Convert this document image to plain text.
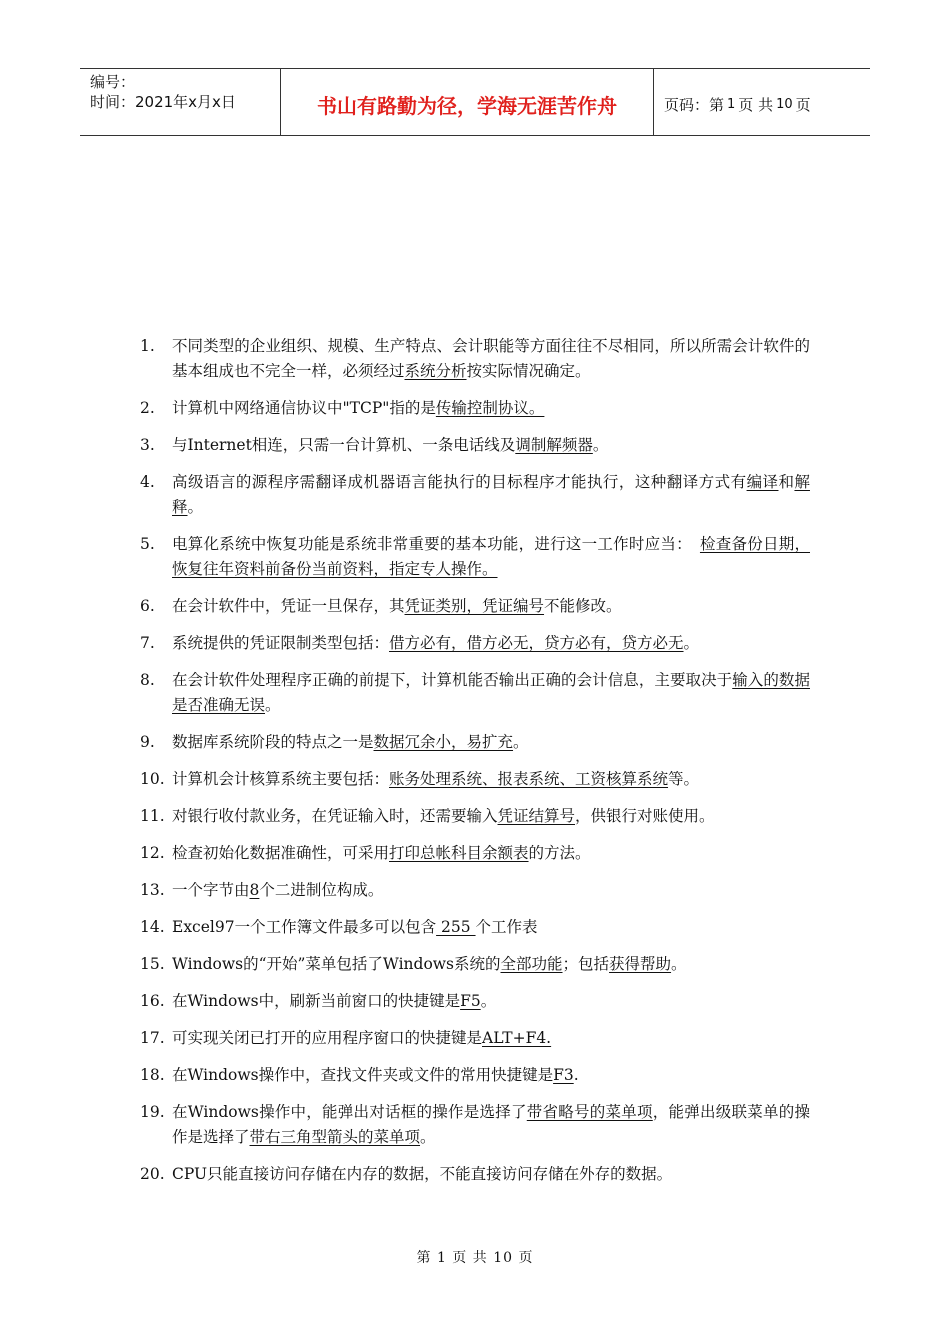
编号：
时间：2021年x月x日	书山有路勤为径，学海无涯苦作舟	页码：第 1 页 共 10 页
1.	不同类型的企业组织、规模、生产特点、会计职能等方面往往不尽相同，所以所需会计软件的基本组成也不完全一样，必须经过系统分析按实际情况确定。
2.	计算机中网络通信协议中"TCP"指的是传输控制协议。
3.	与Internet相连，只需一台计算机、一条电话线及调制解频器。
4.	高级语言的源程序需翻译成机器语言能执行的目标程序才能执行，这种翻译方式有编译和解释。
5.	电算化系统中恢复功能是系统非常重要的基本功能，进行这一工作时应当：　检查备份日期，恢复往年资料前备份当前资料，指定专人操作。
6.	在会计软件中，凭证一旦保存，其凭证类别，凭证编号不能修改。
7.	系统提供的凭证限制类型包括：借方必有，借方必无，贷方必有，贷方必无。
8.	在会计软件处理程序正确的前提下，计算机能否输出正确的会计信息，主要取决于输入的数据是否准确无误。
9.	数据库系统阶段的特点之一是数据冗余小，易扩充。
10. 计算机会计核算系统主要包括：账务处理系统、报表系统、工资核算系统等。
11. 对银行收付款业务，在凭证输入时，还需要输入凭证结算号，供银行对账使用。
12. 检查初始化数据准确性，可采用打印总帐科目余额表的方法。
13. 一个字节由8个二进制位构成。
14. Excel97一个工作簿文件最多可以包含 255 个工作表
15. Windows的“开始”菜单包括了Windows系统的全部功能；包括获得帮助。
16. 在Windows中，刷新当前窗口的快捷键是F5。
17. 可实现关闭已打开的应用程序窗口的快捷键是ALT+F4.
18. 在Windows操作中，查找文件夹或文件的常用快捷键是F3.
19. 在Windows操作中，能弹出对话框的操作是选择了带省略号的菜单项，能弹出级联菜单的操作是选择了带右三角型箭头的菜单项。
20. CPU只能直接访问存储在内存的数据，不能直接访问存储在外存的数据。
第 1 页 共 10 页
